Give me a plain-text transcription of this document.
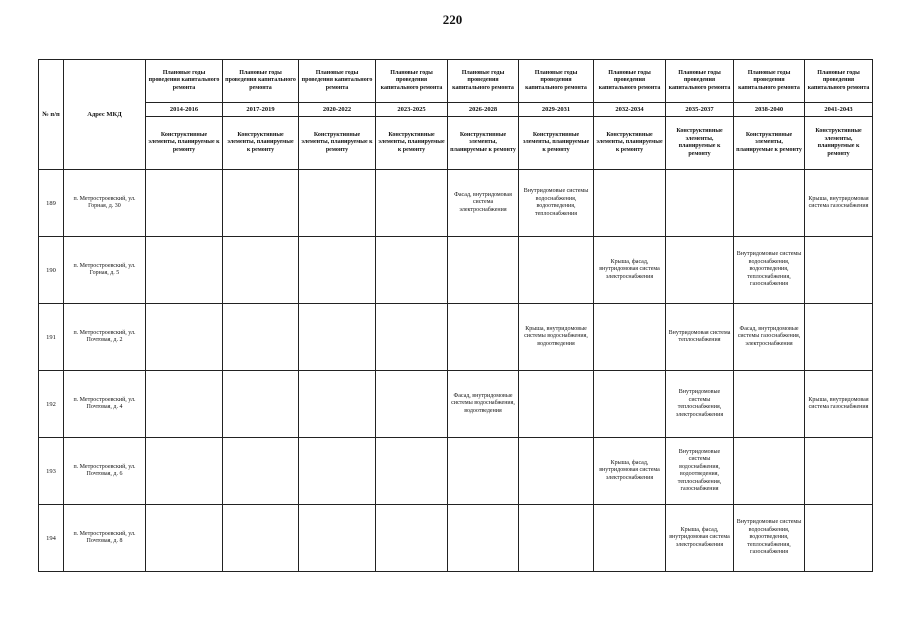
220
№ п/п	Адрес МКД	Плановые годы проведения капитального ремонта	Плановые годы проведения капитального ремонта	Плановые годы проведения капитального ремонта	Плановые годы проведения капитального ремонта	Плановые годы проведения капитального ремонта	Плановые годы проведения капитального ремонта	Плановые годы проведения капитального ремонта	Плановые годы проведения капитального ремонта	Плановые годы проведения капитального ремонта	Плановые годы проведения капитального ремонта
		2014-2016	2017-2019	2020-2022	2023-2025	2026-2028	2029-2031	2032-2034	2035-2037	2038-2040	2041-2043
		Конструктивные элементы, планируемые к ремонту	Конструктивные элементы, планируемые к ремонту	Конструктивные элементы, планируемые к ремонту	Конструктивные элементы, планируемые к ремонту	Конструктивные элементы, планируемые к ремонту	Конструктивные элементы, планируемые к ремонту	Конструктивные элементы, планируемые к ремонту	Конструктивные элементы, планируемые к ремонту	Конструктивные элементы, планируемые к ремонту	Конструктивные элементы, планируемые к ремонту
189	п. Метростроевский, ул. Горная, д. 30					Фасад, внутридомовая система электроснабжения	Внутридомовые системы водоснабжения, водоотведения, теплоснабжения				Крыша, внутридомовая система газоснабжения
190	п. Метростроевский, ул. Горная, д. 5							Крыша, фасад, внутридомовая система электроснабжения		Внутридомовые системы водоснабжения, водоотведения, теплоснабжения, газоснабжения	
191	п. Метростроевский, ул. Почтовая, д. 2						Крыша, внутридомовые системы водоснабжения, водоотведения		Внутридомовая система теплоснабжения	Фасад, внутридомовые системы газоснабжения, электроснабжения	
192	п. Метростроевский, ул. Почтовая, д. 4					Фасад, внутридомовые системы водоснабжения, водоотведения			Внутридомовые системы теплоснабжения, электроснабжения		Крыша, внутридомовая система газоснабжения
193	п. Метростроевский, ул. Почтовая, д. 6							Крыша, фасад, внутридомовая система электроснабжения	Внутридомовые системы водоснабжения, водоотведения, теплоснабжения, газоснабжения		
194	п. Метростроевский, ул. Почтовая, д. 8								Крыша, фасад, внутридомовая система электроснабжения	Внутридомовые системы водоснабжения, водоотведения, теплоснабжения, газоснабжения	
